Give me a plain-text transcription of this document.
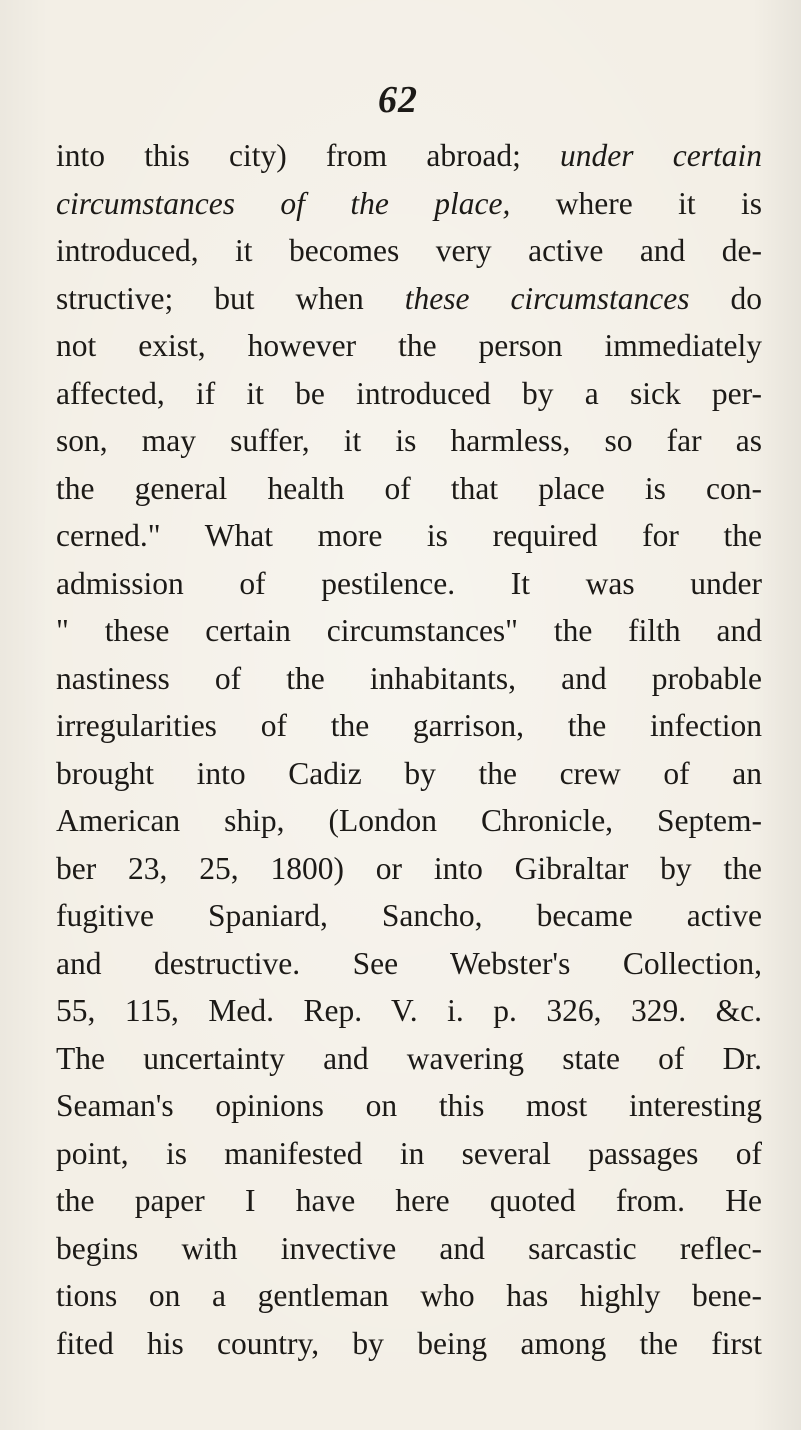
62
into this city) from abroad; under certain
circumstances of the place, where it is
introduced, it becomes very active and de-
structive; but when these circumstances do
not exist, however the person immediately
affected, if it be introduced by a sick per-
son, may suffer, it is harmless, so far as
the general health of that place is con-
cerned." What more is required for the
admission of pestilence. It was under
" these certain circumstances" the filth and
nastiness of the inhabitants, and probable
irregularities of the garrison, the infection
brought into Cadiz by the crew of an
American ship, (London Chronicle, Septem-
ber 23, 25, 1800) or into Gibraltar by the
fugitive Spaniard, Sancho, became active
and destructive. See Webster's Collection,
55, 115, Med. Rep. V. i. p. 326, 329. &c.
The uncertainty and wavering state of Dr.
Seaman's opinions on this most interesting
point, is manifested in several passages of
the paper I have here quoted from. He
begins with invective and sarcastic reflec-
tions on a gentleman who has highly bene-
fited his country, by being among the first
